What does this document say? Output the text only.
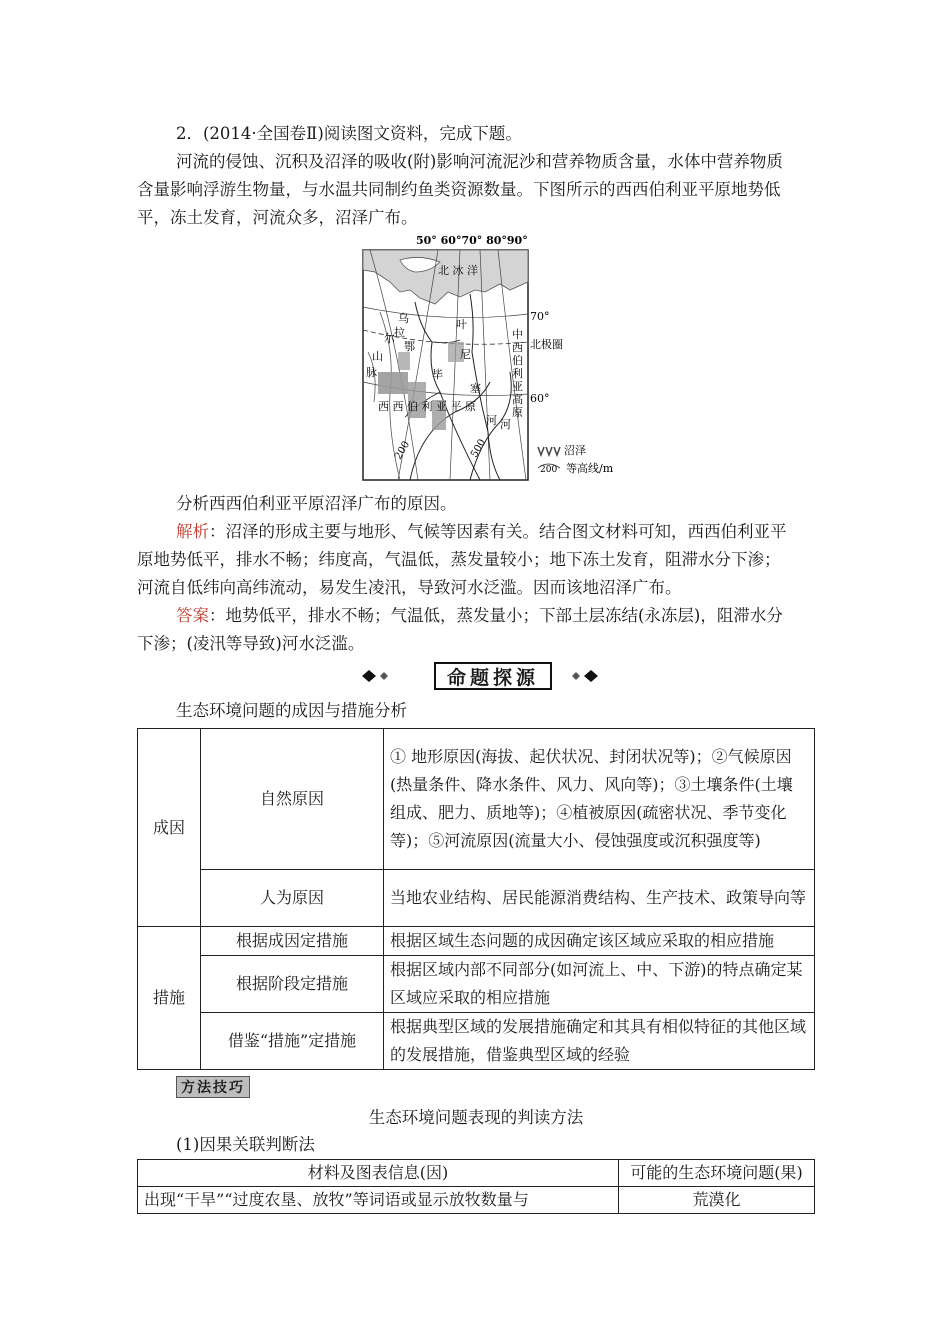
2．(2014·全国卷Ⅱ)阅读图文资料，完成下题。
河流的侵蚀、沉积及沼泽的吸收(附)影响河流泥沙和营养物质含量，水体中营养物质
含量影响浮游生物量，与水温共同制约鱼类资源数量。下图所示的西西伯利亚平原地势低
平，冻土发育，河流众多，沼泽广布。
50° 60°70° 80°90°
北 冰 洋
70°
60°
北极圈
乌
拉
尔
山
脉
鄂
毕
叶
尼
塞
河
中
西
伯
利
亚
高
原
西 西 伯 利 亚 平 原
河
200	500	沼泽
200 等高线/m
分析西西伯利亚平原沼泽广布的原因。
解析：沼泽的形成主要与地形、气候等因素有关。结合图文材料可知，西西伯利亚平
原地势低平，排水不畅；纬度高，气温低，蒸发量较小；地下冻土发育，阻滞水分下渗；
河流自低纬向高纬流动，易发生凌汛，导致河水泛滥。因而该地沼泽广布。
答案：地势低平，排水不畅；气温低，蒸发量小；下部土层冻结(永冻层)，阻滞水分
下渗；(凌汛等导致)河水泛滥。
命题探源
生态环境问题的成因与措施分析
成因	自然原因	① 地形原因(海拔、起伏状况、封闭状况等)；②气候原因(热量条件、降水条件、风力、风向等)；③土壤条件(土壤组成、肥力、质地等)；④植被原因(疏密状况、季节变化等)；⑤河流原因(流量大小、侵蚀强度或沉积强度等)
	人为原因	当地农业结构、居民能源消费结构、生产技术、政策导向等
措施	根据成因定措施	根据区域生态问题的成因确定该区域应采取的相应措施
	根据阶段定措施	根据区域内部不同部分(如河流上、中、下游)的特点确定某区域应采取的相应措施
	借鉴“措施”定措施	根据典型区域的发展措施确定和其具有相似特征的其他区域的发展措施，借鉴典型区域的经验
方法技巧
生态环境问题表现的判读方法
(1)因果关联判断法
材料及图表信息(因)	可能的生态环境问题(果)
出现“干旱”“过度农垦、放牧”等词语或显示放牧数量与	荒漠化
